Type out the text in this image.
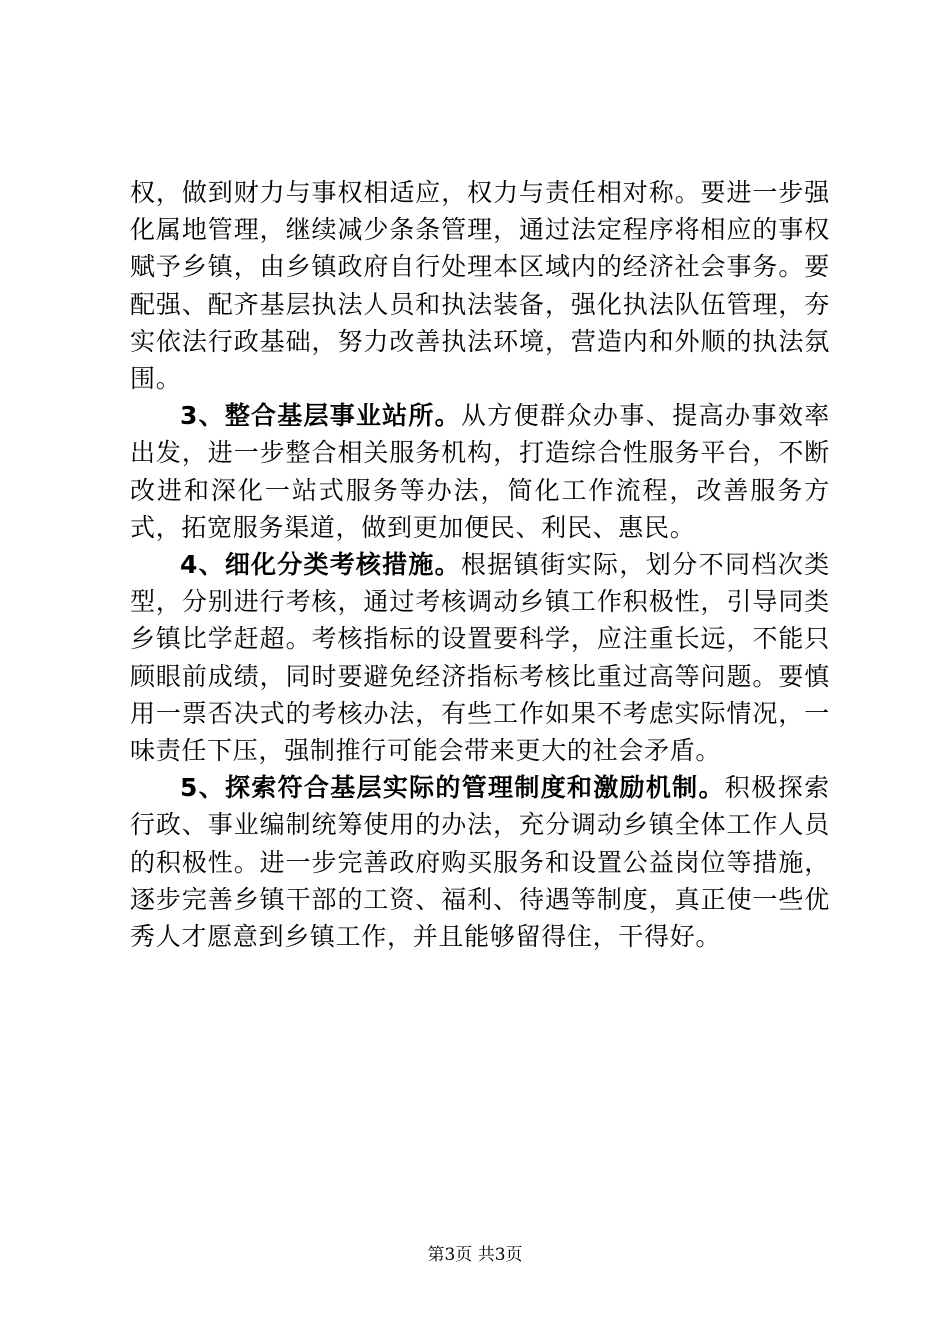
权，做到财力与事权相适应，权力与责任相对称。要进一步强化属地管理，继续减少条条管理，通过法定程序将相应的事权赋予乡镇，由乡镇政府自行处理本区域内的经济社会事务。要配强、配齐基层执法人员和执法装备，强化执法队伍管理，夯实依法行政基础，努力改善执法环境，营造内和外顺的执法氛围。

3、整合基层事业站所。从方便群众办事、提高办事效率出发，进一步整合相关服务机构，打造综合性服务平台，不断改进和深化一站式服务等办法，简化工作流程，改善服务方式，拓宽服务渠道，做到更加便民、利民、惠民。

4、细化分类考核措施。根据镇街实际，划分不同档次类型，分别进行考核，通过考核调动乡镇工作积极性，引导同类乡镇比学赶超。考核指标的设置要科学，应注重长远，不能只顾眼前成绩，同时要避免经济指标考核比重过高等问题。要慎用一票否决式的考核办法，有些工作如果不考虑实际情况，一味责任下压，强制推行可能会带来更大的社会矛盾。

5、探索符合基层实际的管理制度和激励机制。积极探索行政、事业编制统筹使用的办法，充分调动乡镇全体工作人员的积极性。进一步完善政府购买服务和设置公益岗位等措施，逐步完善乡镇干部的工资、福利、待遇等制度，真正使一些优秀人才愿意到乡镇工作，并且能够留得住，干得好。

第3页 共3页
